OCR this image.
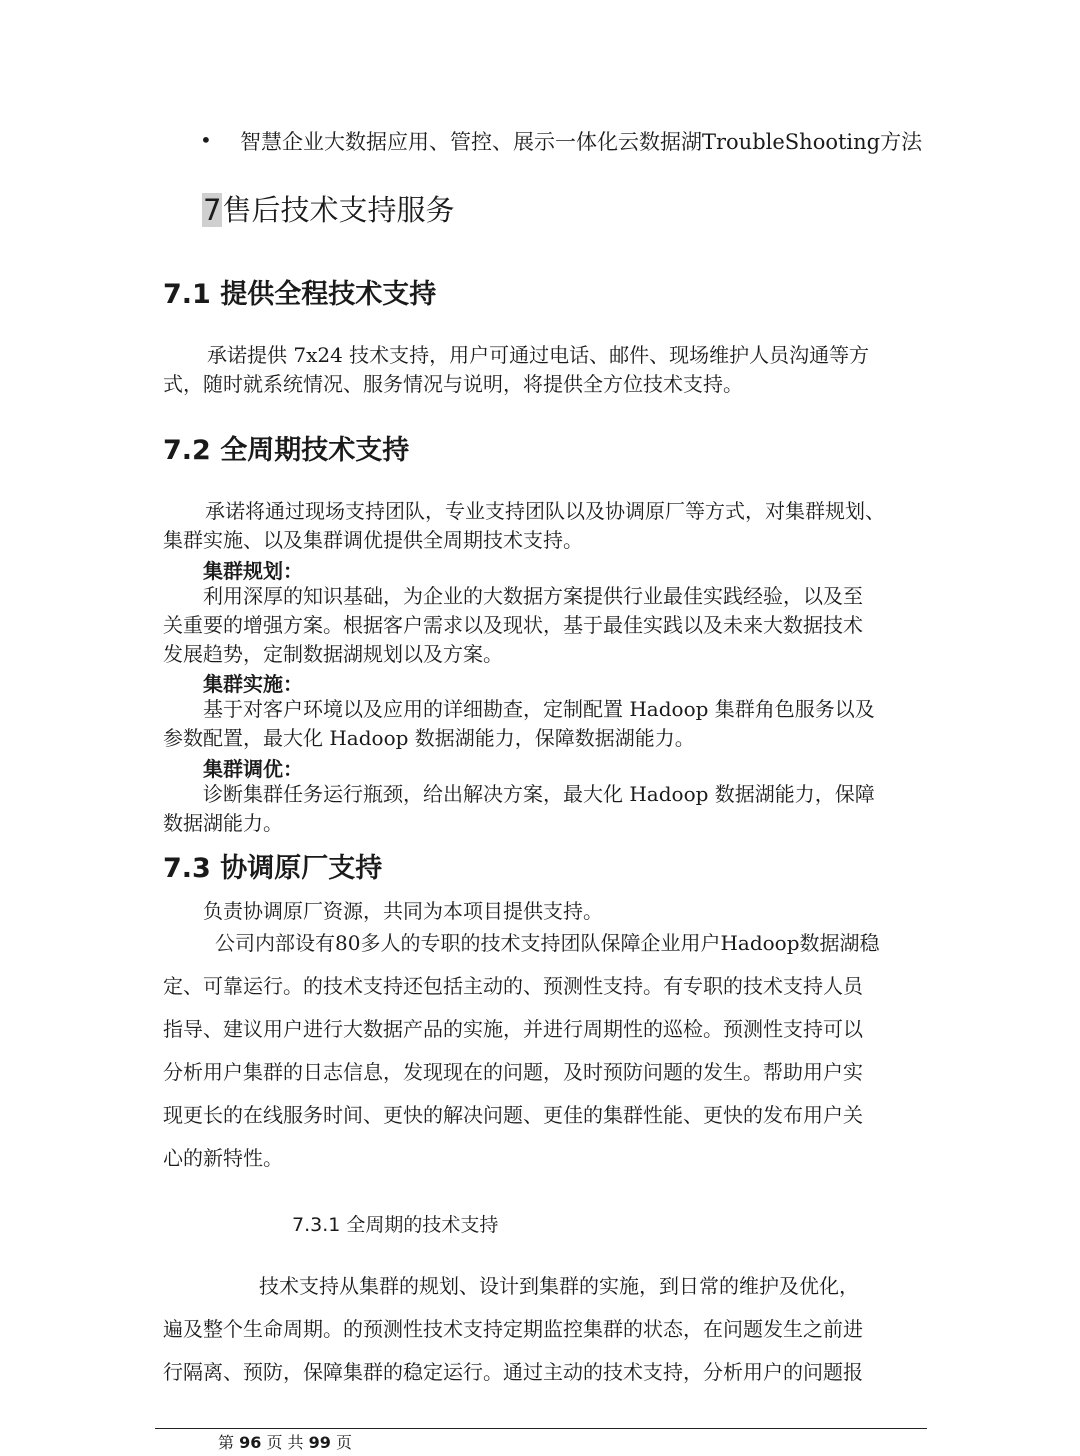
• 智慧企业大数据应用、管控、展示一体化云数据湖TroubleShooting方法
7售后技术支持服务
7.1 提供全程技术支持
承诺提供 7x24 技术支持，用户可通过电话、邮件、现场维护人员沟通等方
式，随时就系统情况、服务情况与说明，将提供全方位技术支持。
7.2 全周期技术支持
承诺将通过现场支持团队，专业支持团队以及协调原厂等方式，对集群规划、
集群实施、以及集群调优提供全周期技术支持。
集群规划：
利用深厚的知识基础，为企业的大数据方案提供行业最佳实践经验，以及至
关重要的增强方案。根据客户需求以及现状，基于最佳实践以及未来大数据技术
发展趋势，定制数据湖规划以及方案。
集群实施：
基于对客户环境以及应用的详细勘查，定制配置 Hadoop 集群角色服务以及
参数配置，最大化 Hadoop 数据湖能力，保障数据湖能力。
集群调优：
诊断集群任务运行瓶颈，给出解决方案，最大化 Hadoop 数据湖能力，保障
数据湖能力。
7.3 协调原厂支持
负责协调原厂资源，共同为本项目提供支持。
公司内部设有80多人的专职的技术支持团队保障企业用户Hadoop数据湖稳
定、可靠运行。的技术支持还包括主动的、预测性支持。有专职的技术支持人员
指导、建议用户进行大数据产品的实施，并进行周期性的巡检。预测性支持可以
分析用户集群的日志信息，发现现在的问题，及时预防问题的发生。帮助用户实
现更长的在线服务时间、更快的解决问题、更佳的集群性能、更快的发布用户关
心的新特性。
7.3.1 全周期的技术支持
技术支持从集群的规划、设计到集群的实施，到日常的维护及优化，
遍及整个生命周期。的预测性技术支持定期监控集群的状态，在问题发生之前进
行隔离、预防，保障集群的稳定运行。通过主动的技术支持，分析用户的问题报
第 96 页 共 99 页
